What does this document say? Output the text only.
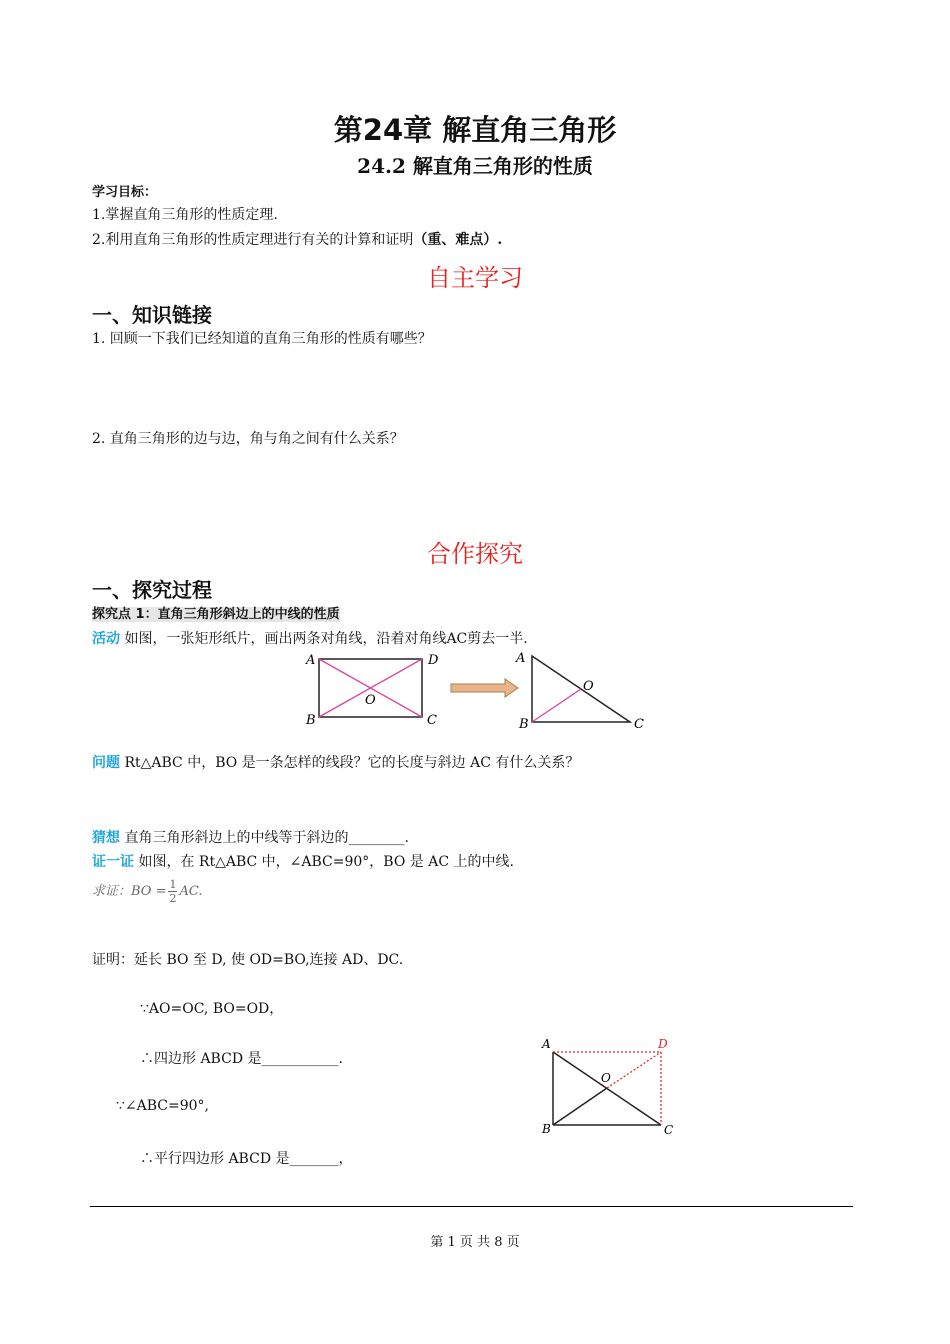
第24章 解直角三角形
24.2 解直角三角形的性质
学习目标：
1.掌握直角三角形的性质定理.
2.利用直角三角形的性质定理进行有关的计算和证明（重、难点）.
自主学习
一、知识链接
1. 回顾一下我们已经知道的直角三角形的性质有哪些？
2. 直角三角形的边与边，角与角之间有什么关系？
合作探究
一、探究过程
探究点 1：直角三角形斜边上的中线的性质
活动 如图，一张矩形纸片，画出两条对角线，沿着对角线AC剪去一半.
A	D
B	C
O
A
O
B	C
问题 Rt△ABC 中，BO 是一条怎样的线段？它的长度与斜边 AC 有什么关系？
猜想 直角三角形斜边上的中线等于斜边的________.
证一证 如图，在 Rt△ABC 中，∠ABC=90°，BO 是 AC 上的中线.
求证：BO = $\frac{1}{2}$ AC.
证明：延长 BO 至 D, 使 OD=BO,连接 AD、DC.
∵AO=OC, BO=OD，
∴四边形 ABCD 是___________.
∵∠ABC=90°,
∴平行四边形 ABCD 是_______，
A	D
B	C
O
第 1 页 共 8 页
